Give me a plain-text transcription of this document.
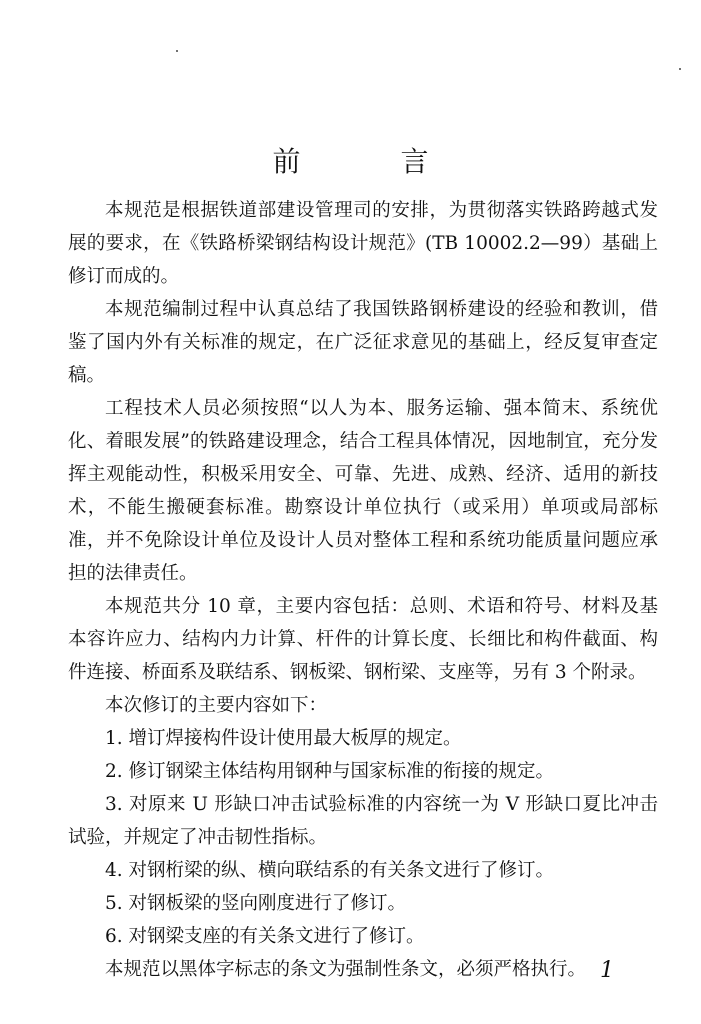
前　言

本规范是根据铁道部建设管理司的安排，为贯彻落实铁路跨越式发展的要求，在《铁路桥梁钢结构设计规范》(TB 10002.2—99）基础上修订而成的。

本规范编制过程中认真总结了我国铁路钢桥建设的经验和教训，借鉴了国内外有关标准的规定，在广泛征求意见的基础上，经反复审查定稿。

工程技术人员必须按照“以人为本、服务运输、强本简末、系统优化、着眼发展”的铁路建设理念，结合工程具体情况，因地制宜，充分发挥主观能动性，积极采用安全、可靠、先进、成熟、经济、适用的新技术，不能生搬硬套标准。勘察设计单位执行（或采用）单项或局部标准，并不免除设计单位及设计人员对整体工程和系统功能质量问题应承担的法律责任。

本规范共分 10 章，主要内容包括：总则、术语和符号、材料及基本容许应力、结构内力计算、杆件的计算长度、长细比和构件截面、构件连接、桥面系及联结系、钢板梁、钢桁梁、支座等，另有 3 个附录。

本次修订的主要内容如下：

1. 增订焊接构件设计使用最大板厚的规定。

2. 修订钢梁主体结构用钢种与国家标准的衔接的规定。

3. 对原来 U 形缺口冲击试验标准的内容统一为 V 形缺口夏比冲击试验，并规定了冲击韧性指标。

4. 对钢桁梁的纵、横向联结系的有关条文进行了修订。

5. 对钢板梁的竖向刚度进行了修订。

6. 对钢梁支座的有关条文进行了修订。

本规范以黑体字标志的条文为强制性条文，必须严格执行。 1
